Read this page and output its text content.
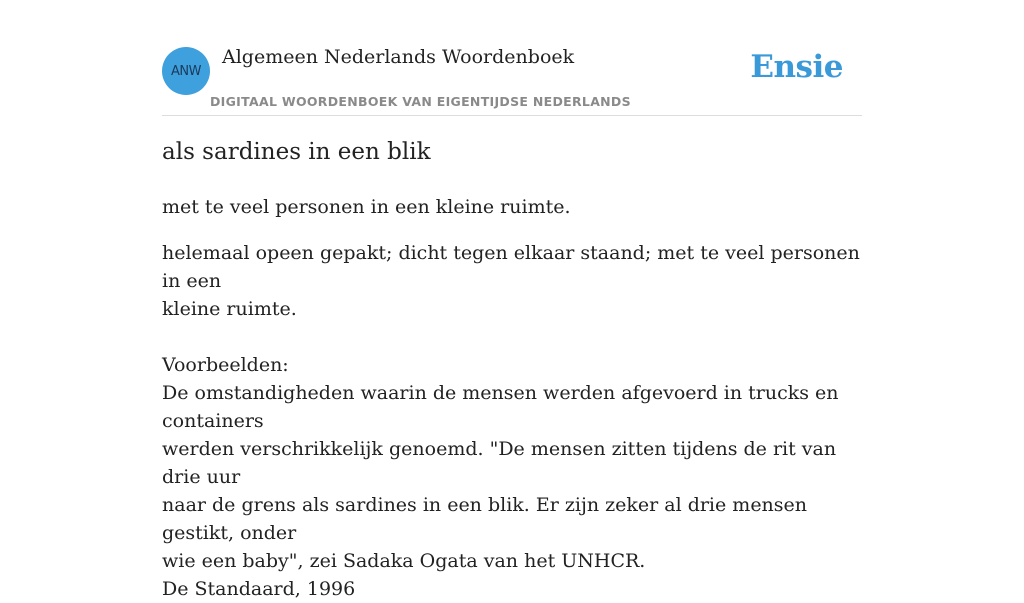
ANW
Algemeen Nederlands Woordenboek
DIGITAAL WOORDENBOEK VAN EIGENTIJDSE NEDERLANDS
Ensie
als sardines in een blik
met te veel personen in een kleine ruimte.

helemaal opeen gepakt; dicht tegen elkaar staand; met te veel personen in een

kleine ruimte.

Voorbeelden:

De omstandigheden waarin de mensen werden afgevoerd in trucks en containers

werden verschrikkelijk genoemd. "De mensen zitten tijdens de rit van drie uur

naar de grens als sardines in een blik. Er zijn zeker al drie mensen gestikt, onder

wie een baby", zei Sadaka Ogata van het UNHCR.

De Standaard, 1996
